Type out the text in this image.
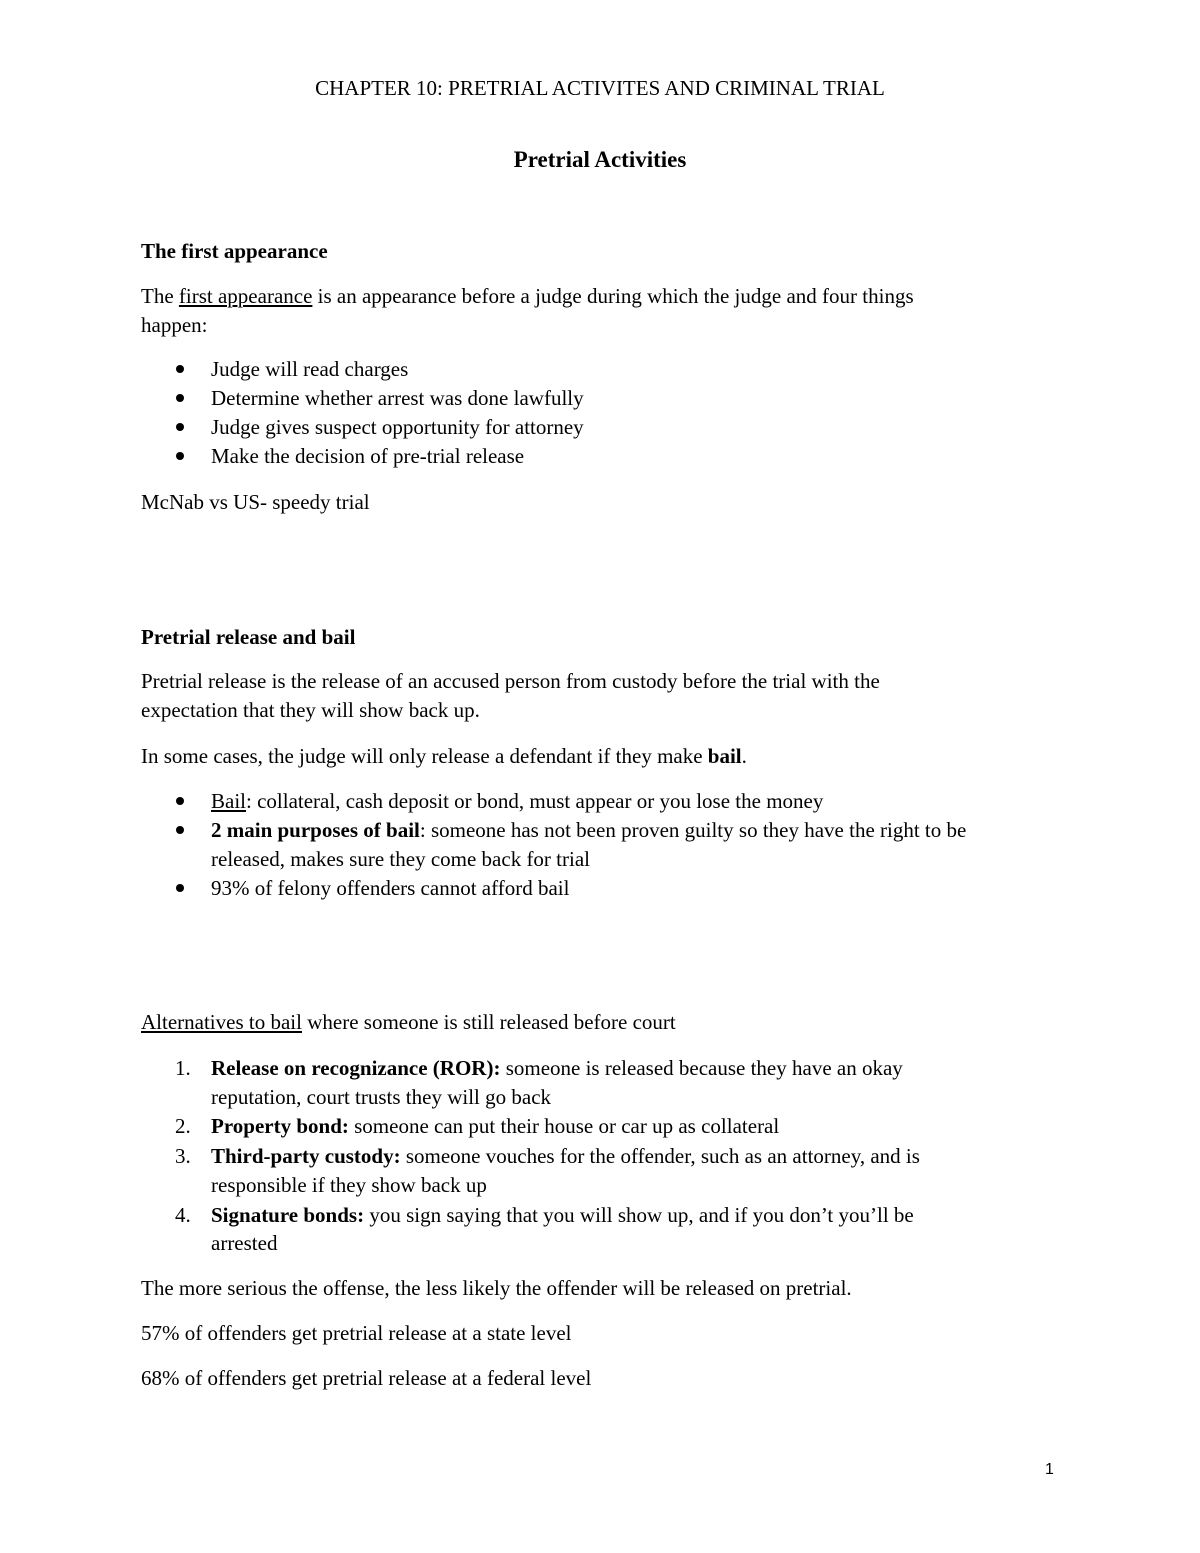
CHAPTER 10: PRETRIAL ACTIVITES AND CRIMINAL TRIAL

Pretrial Activities

The first appearance

The first appearance is an appearance before a judge during which the judge and four things

happen:

Judge will read charges

Determine whether arrest was done lawfully

Judge gives suspect opportunity for attorney

Make the decision of pre-trial release

McNab vs US- speedy trial

Pretrial release and bail

Pretrial release is the release of an accused person from custody before the trial with the

expectation that they will show back up.

In some cases, the judge will only release a defendant if they make bail.

Bail: collateral, cash deposit or bond, must appear or you lose the money

2 main purposes of bail: someone has not been proven guilty so they have the right to be

released, makes sure they come back for trial

93% of felony offenders cannot afford bail

Alternatives to bail where someone is still released before court

1. Release on recognizance (ROR): someone is released because they have an okay

reputation, court trusts they will go back

2. Property bond: someone can put their house or car up as collateral

3. Third-party custody: someone vouches for the offender, such as an attorney, and is

responsible if they show back up

4. Signature bonds: you sign saying that you will show up, and if you don’t you’ll be

arrested

The more serious the offense, the less likely the offender will be released on pretrial.

57% of offenders get pretrial release at a state level

68% of offenders get pretrial release at a federal level

1
